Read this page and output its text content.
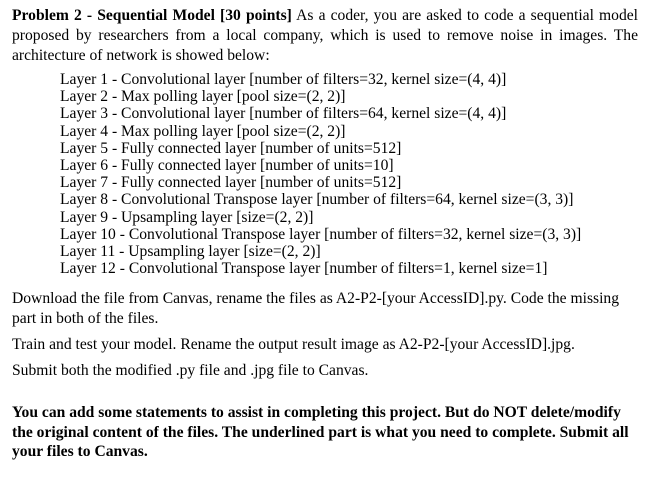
Problem 2 - Sequential Model [30 points] As a coder, you are asked to code a sequential model proposed by researchers from a local company, which is used to remove noise in images. The architecture of network is showed below:

Layer 1 - Convolutional layer [number of filters=32, kernel size=(4, 4)]
Layer 2 - Max polling layer [pool size=(2, 2)]
Layer 3 - Convolutional layer [number of filters=64, kernel size=(4, 4)]
Layer 4 - Max polling layer [pool size=(2, 2)]
Layer 5 - Fully connected layer [number of units=512]
Layer 6 - Fully connected layer [number of units=10]
Layer 7 - Fully connected layer [number of units=512]
Layer 8 - Convolutional Transpose layer [number of filters=64, kernel size=(3, 3)]
Layer 9 - Upsampling layer [size=(2, 2)]
Layer 10 - Convolutional Transpose layer [number of filters=32, kernel size=(3, 3)]
Layer 11 - Upsampling layer [size=(2, 2)]
Layer 12 - Convolutional Transpose layer [number of filters=1, kernel size=1]

Download the file from Canvas, rename the files as A2-P2-[your AccessID].py. Code the missing part in both of the files.

Train and test your model. Rename the output result image as A2-P2-[your AccessID].jpg.

Submit both the modified .py file and .jpg file to Canvas.

You can add some statements to assist in completing this project. But do NOT delete/modify the original content of the files. The underlined part is what you need to complete. Submit all your files to Canvas.
